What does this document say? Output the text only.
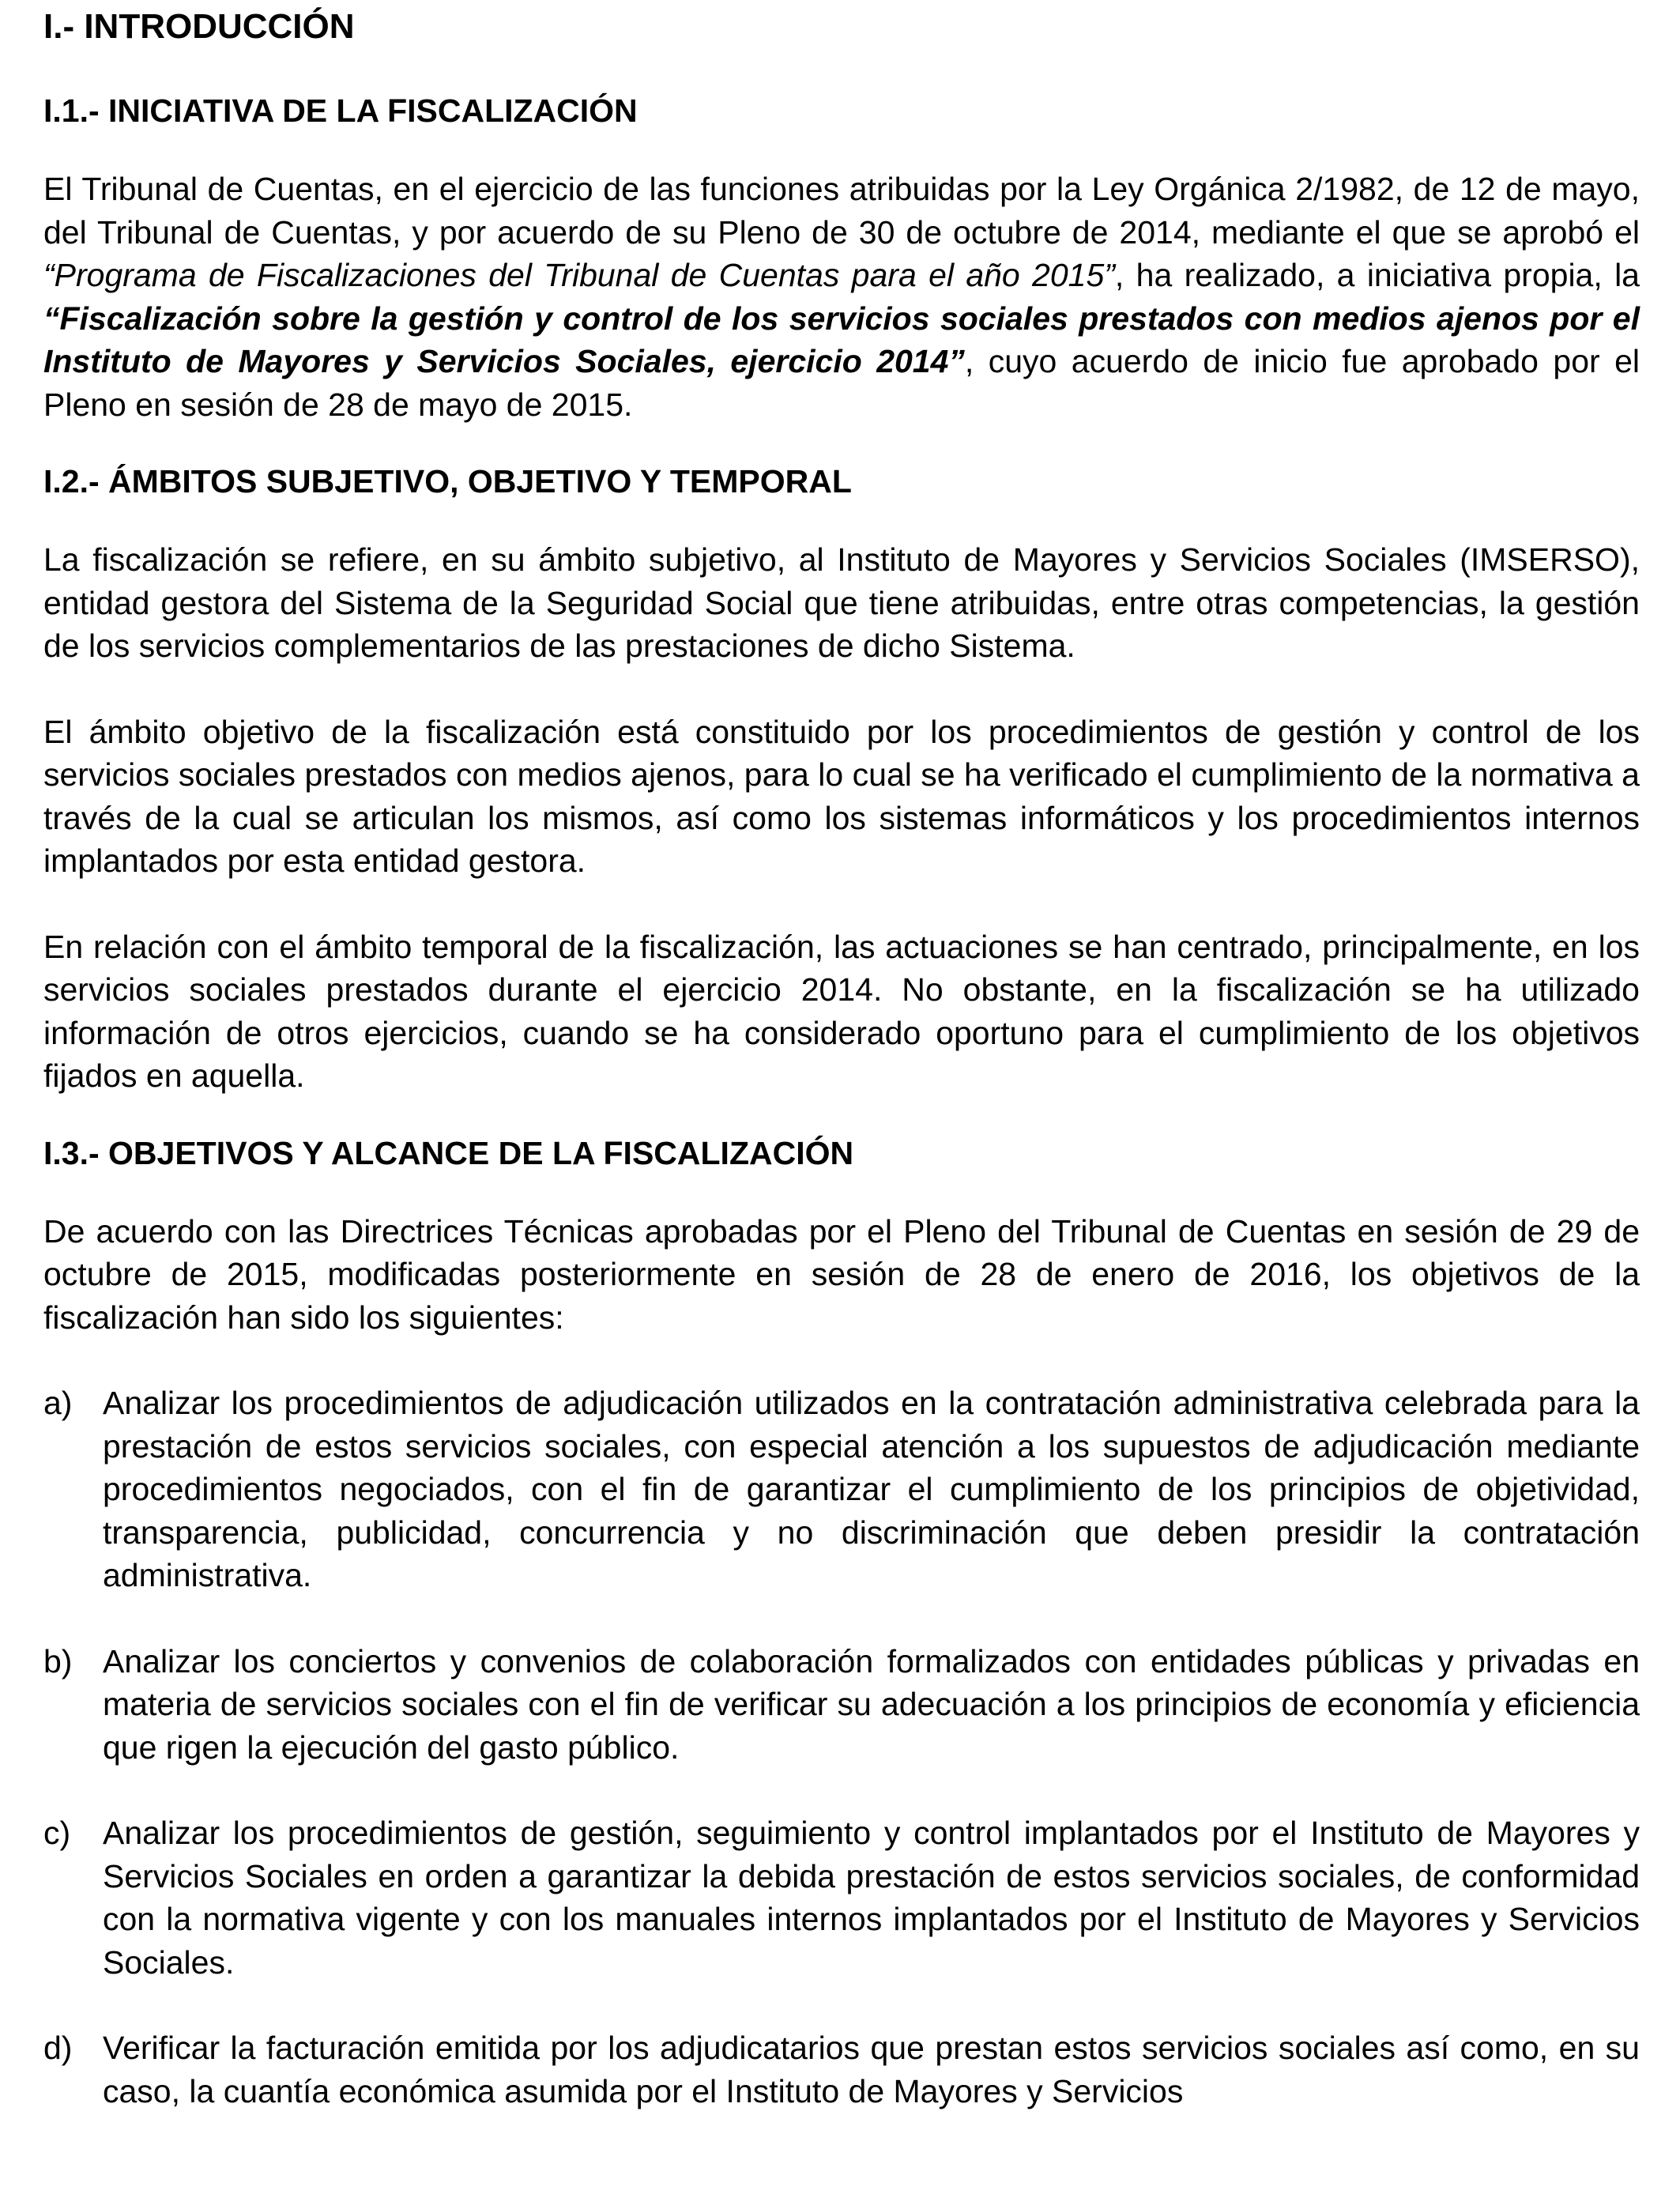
I.- INTRODUCCIÓN
I.1.- INICIATIVA DE LA FISCALIZACIÓN

El Tribunal de Cuentas, en el ejercicio de las funciones atribuidas por la Ley Orgánica 2/1982, de 12 de mayo, del Tribunal de Cuentas, y por acuerdo de su Pleno de 30 de octubre de 2014, mediante el que se aprobó el “Programa de Fiscalizaciones del Tribunal de Cuentas para el año 2015”, ha realizado, a iniciativa propia, la “Fiscalización sobre la gestión y control de los servicios sociales prestados con medios ajenos por el Instituto de Mayores y Servicios Sociales, ejercicio 2014”, cuyo acuerdo de inicio fue aprobado por el Pleno en sesión de 28 de mayo de 2015.

I.2.- ÁMBITOS SUBJETIVO, OBJETIVO Y TEMPORAL

La fiscalización se refiere, en su ámbito subjetivo, al Instituto de Mayores y Servicios Sociales (IMSERSO), entidad gestora del Sistema de la Seguridad Social que tiene atribuidas, entre otras competencias, la gestión de los servicios complementarios de las prestaciones de dicho Sistema.

El ámbito objetivo de la fiscalización está constituido por los procedimientos de gestión y control de los servicios sociales prestados con medios ajenos, para lo cual se ha verificado el cumplimiento de la normativa a través de la cual se articulan los mismos, así como los sistemas informáticos y los procedimientos internos implantados por esta entidad gestora.

En relación con el ámbito temporal de la fiscalización, las actuaciones se han centrado, principalmente, en los servicios sociales prestados durante el ejercicio 2014. No obstante, en la fiscalización se ha utilizado información de otros ejercicios, cuando se ha considerado oportuno para el cumplimiento de los objetivos fijados en aquella.

I.3.- OBJETIVOS Y ALCANCE DE LA FISCALIZACIÓN

De acuerdo con las Directrices Técnicas aprobadas por el Pleno del Tribunal de Cuentas en sesión de 29 de octubre de 2015, modificadas posteriormente en sesión de 28 de enero de 2016, los objetivos de la fiscalización han sido los siguientes:

a) Analizar los procedimientos de adjudicación utilizados en la contratación administrativa celebrada para la prestación de estos servicios sociales, con especial atención a los supuestos de adjudicación mediante procedimientos negociados, con el fin de garantizar el cumplimiento de los principios de objetividad, transparencia, publicidad, concurrencia y no discriminación que deben presidir la contratación administrativa.
b) Analizar los conciertos y convenios de colaboración formalizados con entidades públicas y privadas en materia de servicios sociales con el fin de verificar su adecuación a los principios de economía y eficiencia que rigen la ejecución del gasto público.
c) Analizar los procedimientos de gestión, seguimiento y control implantados por el Instituto de Mayores y Servicios Sociales en orden a garantizar la debida prestación de estos servicios sociales, de conformidad con la normativa vigente y con los manuales internos implantados por el Instituto de Mayores y Servicios Sociales.
d) Verificar la facturación emitida por los adjudicatarios que prestan estos servicios sociales así como, en su caso, la cuantía económica asumida por el Instituto de Mayores y Servicios
